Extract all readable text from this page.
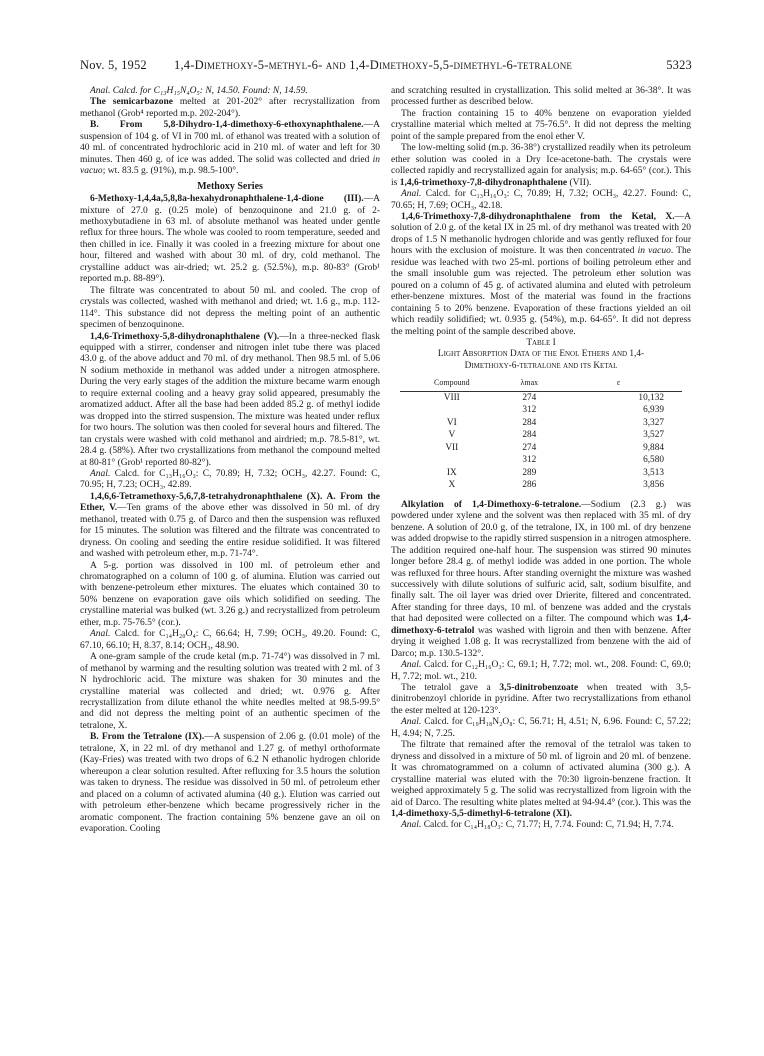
Nov. 5, 1952 1,4-Dimethoxy-5-methyl-6- and 1,4-Dimethoxy-5,5-dimethyl-6-tetralone	5323

Anal. Calcd. for C₁₃H₁₅N₄O₅: N, 14.50. Found: N, 14.59.

The semicarbazone melted at 201-202° after recrystallization from methanol (Grob⁴ reported m.p. 202-204°).

B. From 5,8-Dihydro-1,4-dimethoxy-6-ethoxynaphthalene.—A suspension of 104 g. of VI in 700 ml. of ethanol was treated with a solution of 40 ml. of concentrated hydrochloric acid in 210 ml. of water and left for 30 minutes. Then 460 g. of ice was added. The solid was collected and dried in vacuo; wt. 83.5 g. (91%), m.p. 98.5-100°.

Methoxy Series

6-Methoxy-1,4,4a,5,8,8a-hexahydronaphthalene-1,4-dione (III).—A mixture of 27.0 g. (0.25 mole) of benzoquinone and 21.0 g. of 2-methoxybutadiene in 63 ml. of absolute methanol was heated under gentle reflux for three hours. The whole was cooled to room temperature, seeded and then chilled in ice. Finally it was cooled in a freezing mixture for about one hour, filtered and washed with about 30 ml. of dry, cold methanol. The crystalline adduct was air-dried; wt. 25.2 g. (52.5%), m.p. 80-83° (Grob¹ reported m.p. 88-89°).

The filtrate was concentrated to about 50 ml. and cooled. The crop of crystals was collected, washed with methanol and dried; wt. 1.6 g., m.p. 112-114°. This substance did not depress the melting point of an authentic specimen of benzoquinone.

1,4,6-Trimethoxy-5,8-dihydronaphthalene (V).—In a three-necked flask equipped with a stirrer, condenser and nitrogen inlet tube there was placed 43.0 g. of the above adduct and 70 ml. of dry methanol. Then 98.5 ml. of 5.06 N sodium methoxide in methanol was added under a nitrogen atmosphere. During the very early stages of the addition the mixture became warm enough to require external cooling and a heavy gray solid appeared, presumably the aromatized adduct. After all the base had been added 85.2 g. of methyl iodide was dropped into the stirred suspension. The mixture was heated under reflux for two hours. The solution was then cooled for several hours and filtered. The tan crystals were washed with cold methanol and airdried; m.p. 78.5-81°, wt. 28.4 g. (58%). After two crystallizations from methanol the compound melted at 80-81° (Grob¹ reported 80-82°).

Anal. Calcd. for C₁₃H₁₆O₃: C, 70.89; H, 7.32; OCH₃, 42.27. Found: C, 70.95; H, 7.23; OCH₃, 42.89.

1,4,6,6-Tetramethoxy-5,6,7,8-tetrahydronaphthalene (X). A. From the Ether, V.—Ten grams of the above ether was dissolved in 50 ml. of dry methanol, treated with 0.75 g. of Darco and then the suspension was refluxed for 15 minutes. The solution was filtered and the filtrate was concentrated to dryness. On cooling and seeding the entire residue solidified. It was filtered and washed with petroleum ether, m.p. 71-74°.

A 5-g. portion was dissolved in 100 ml. of petroleum ether and chromatographed on a column of 100 g. of alumina. Elution was carried out with benzene-petroleum ether mixtures. The eluates which contained 30 to 50% benzene on evaporation gave oils which solidified on seeding. The crystalline material was bulked (wt. 3.26 g.) and recrystallized from petroleum ether, m.p. 75-76.5° (cor.).

Anal. Calcd. for C₁₄H₂₀O₄: C, 66.64; H, 7.99; OCH₃, 49.20. Found: C, 67.10, 66.10; H, 8.37, 8.14; OCH₃, 48.90.

A one-gram sample of the crude ketal (m.p. 71-74°) was dissolved in 7 ml. of methanol by warming and the resulting solution was treated with 2 ml. of 3 N hydrochloric acid. The mixture was shaken for 30 minutes and the crystalline material was collected and dried; wt. 0.976 g. After recrystallization from dilute ethanol the white needles melted at 98.5-99.5° and did not depress the melting point of an authentic specimen of the tetralone, X.

B. From the Tetralone (IX).—A suspension of 2.06 g. (0.01 mole) of the tetralone, X, in 22 ml. of dry methanol and 1.27 g. of methyl orthoformate (Kay-Fries) was treated with two drops of 6.2 N ethanolic hydrogen chloride whereupon a clear solution resulted. After refluxing for 3.5 hours the solution was taken to dryness. The residue was dissolved in 50 ml. of petroleum ether and placed on a column of activated alumina (40 g.). Elution was carried out with petroleum ether-benzene which became progressively richer in the aromatic component. The fraction containing 5% benzene gave an oil on evaporation. Cooling

and scratching resulted in crystallization. This solid melted at 36-38°. It was processed further as described below.

The fraction containing 15 to 40% benzene on evaporation yielded crystalline material which melted at 75-76.5°. It did not depress the melting point of the sample prepared from the enol ether V.

The low-melting solid (m.p. 36-38°) crystallized readily when its petroleum ether solution was cooled in a Dry Ice-acetone-bath. The crystals were collected rapidly and recrystallized again for analysis; m.p. 64-65° (cor.). This is 1,4,6-trimethoxy-7,8-dihydronaphthalene (VII).

Anal. Calcd. for C₁₃H₁₆O₃: C, 70.89; H, 7.32; OCH₃, 42.27. Found: C, 70.65; H, 7.69; OCH₃, 42.18.

1,4,6-Trimethoxy-7,8-dihydronaphthalene from the Ketal, X.—A solution of 2.0 g. of the ketal IX in 25 ml. of dry methanol was treated with 20 drops of 1.5 N methanolic hydrogen chloride and was gently refluxed for four hours with the exclusion of moisture. It was then concentrated in vacuo. The residue was leached with two 25-ml. portions of boiling petroleum ether and the small insoluble gum was rejected. The petroleum ether solution was poured on a column of 45 g. of activated alumina and eluted with petroleum ether-benzene mixtures. Most of the material was found in the fractions containing 5 to 20% benzene. Evaporation of these fractions yielded an oil which readily solidified; wt. 0.935 g. (54%), m.p. 64-65°. It did not depress the melting point of the sample described above.

Table I

Light Absorption Data of the Enol Ethers and 1,4-
Dimethoxy-6-tetralone and its Ketal

Compound	λmax	ε
VIII	274	10,132
	312	6,939
VI	284	3,327
V	284	3,527
VII	274	9,884
	312	6,580
IX	289	3,513
X	286	3,856

Alkylation of 1,4-Dimethoxy-6-tetralone.—Sodium (2.3 g.) was powdered under xylene and the solvent was then replaced with 35 ml. of dry benzene. A solution of 20.0 g. of the tetralone, IX, in 100 ml. of dry benzene was added dropwise to the rapidly stirred suspension in a nitrogen atmosphere. The addition required one-half hour. The suspension was stirred 90 minutes longer before 28.4 g. of methyl iodide was added in one portion. The whole was refluxed for three hours. After standing overnight the mixture was washed successively with dilute solutions of sulfuric acid, salt, sodium bisulfite, and finally salt. The oil layer was dried over Drierite, filtered and concentrated. After standing for three days, 10 ml. of benzene was added and the crystals that had deposited were collected on a filter. The compound which was 1,4-dimethoxy-6-tetralol was washed with ligroin and then with benzene. After drying it weighed 1.08 g. It was recrystallized from benzene with the aid of Darco; m.p. 130.5-132°.

Anal. Calcd. for C₁₂H₁₆O₃: C, 69.1; H, 7.72; mol. wt., 208. Found: C, 69.0; H, 7.72; mol. wt., 210.

The tetralol gave a 3,5-dinitrobenzoate when treated with 3,5-dinitrobenzoyl chloride in pyridine. After two recrystallizations from ethanol the ester melted at 120-123°.

Anal. Calcd. for C₁₉H₁₈N₂O₈: C, 56.71; H, 4.51; N, 6.96. Found: C, 57.22; H, 4.94; N, 7.25.

The filtrate that remained after the removal of the tetralol was taken to dryness and dissolved in a mixture of 50 ml. of ligroin and 20 ml. of benzene. It was chromatogrammed on a column of activated alumina (300 g.). A crystalline material was eluted with the 70:30 ligroin-benzene fraction. It weighed approximately 5 g. The solid was recrystallized from ligroin with the aid of Darco. The resulting white plates melted at 94-94.4° (cor.). This was the 1,4-dimethoxy-5,5-dimethyl-6-tetralone (XI).

Anal. Calcd. for C₁₄H₁₈O₃: C, 71.77; H, 7.74. Found: C, 71.94; H, 7.74.
